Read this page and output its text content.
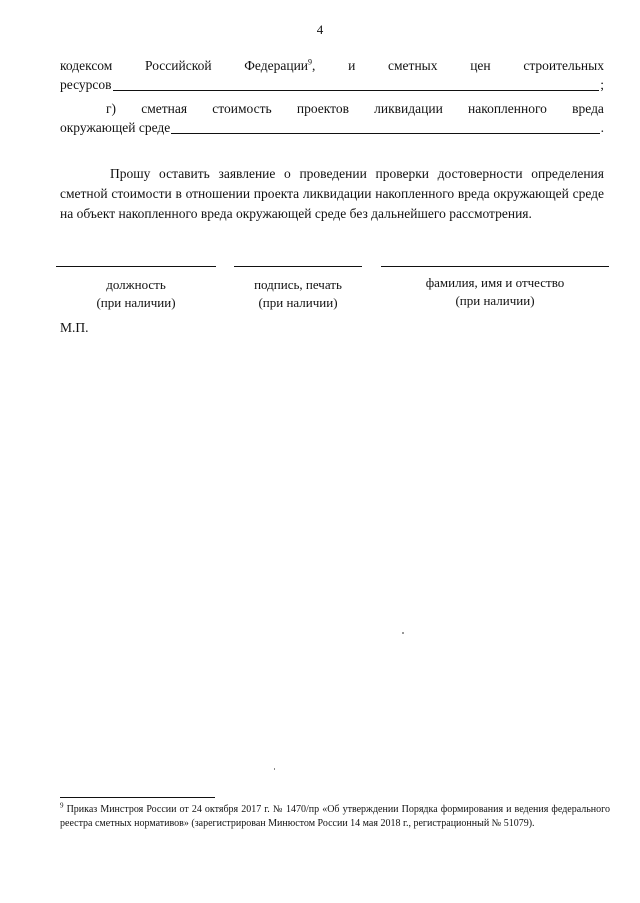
4
кодексом Российской Федерации$^9$, и сметных цен строительных
ресурсов	;
г) сметная стоимость проектов ликвидации накопленного вреда
окружающей среде	.
Прошу оставить заявление о проведении проверки достоверности определения сметной стоимости в отношении проекта ликвидации накопленного вреда окружающей среде на объект накопленного вреда окружающей среде без дальнейшего рассмотрения.
должность
(при наличии)
подпись, печать
(при наличии)
фамилия, имя и отчество
(при наличии)
М.П.
$^9$ Приказ Минстроя России от 24 октября 2017 г. № 1470/пр «Об утверждении Порядка формирования и ведения федерального реестра сметных нормативов» (зарегистрирован Минюстом России 14 мая 2018 г., регистрационный № 51079).
